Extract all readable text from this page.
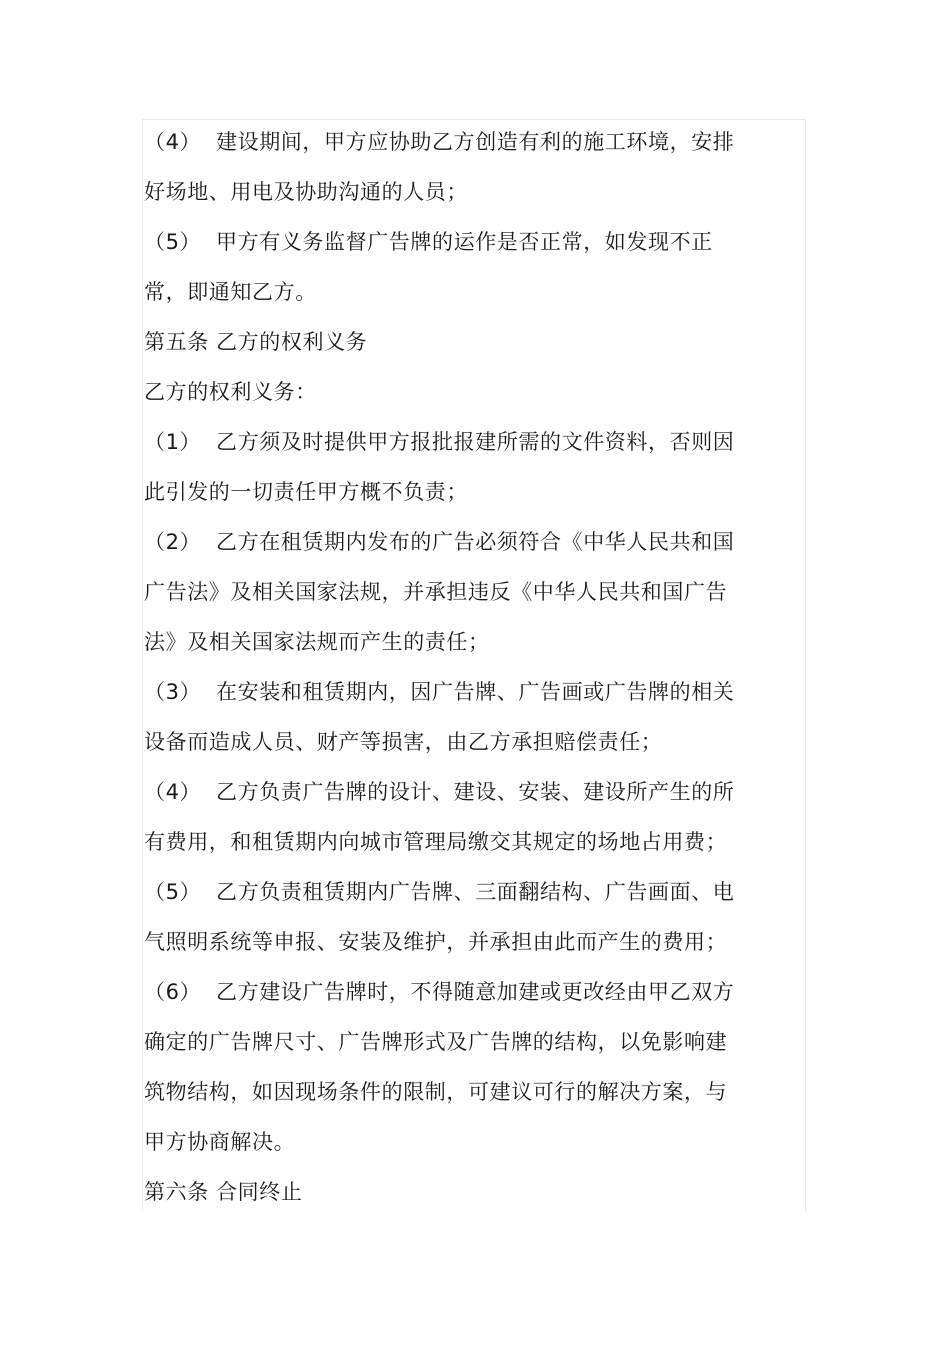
（4） 建设期间，甲方应协助乙方创造有利的施工环境，安排
好场地、用电及协助沟通的人员；
（5） 甲方有义务监督广告牌的运作是否正常，如发现不正
常，即通知乙方。
第五条 乙方的权利义务
乙方的权利义务：
（1） 乙方须及时提供甲方报批报建所需的文件资料，否则因
此引发的一切责任甲方概不负责；
（2） 乙方在租赁期内发布的广告必须符合《中华人民共和国
广告法》及相关国家法规，并承担违反《中华人民共和国广告
法》及相关国家法规而产生的责任；
（3） 在安装和租赁期内，因广告牌、广告画或广告牌的相关
设备而造成人员、财产等损害，由乙方承担赔偿责任；
（4） 乙方负责广告牌的设计、建设、安装、建设所产生的所
有费用，和租赁期内向城市管理局缴交其规定的场地占用费；
（5） 乙方负责租赁期内广告牌、三面翻结构、广告画面、电
气照明系统等申报、安装及维护，并承担由此而产生的费用；
（6） 乙方建设广告牌时，不得随意加建或更改经由甲乙双方
确定的广告牌尺寸、广告牌形式及广告牌的结构，以免影响建
筑物结构，如因现场条件的限制，可建议可行的解决方案，与
甲方协商解决。
第六条 合同终止
